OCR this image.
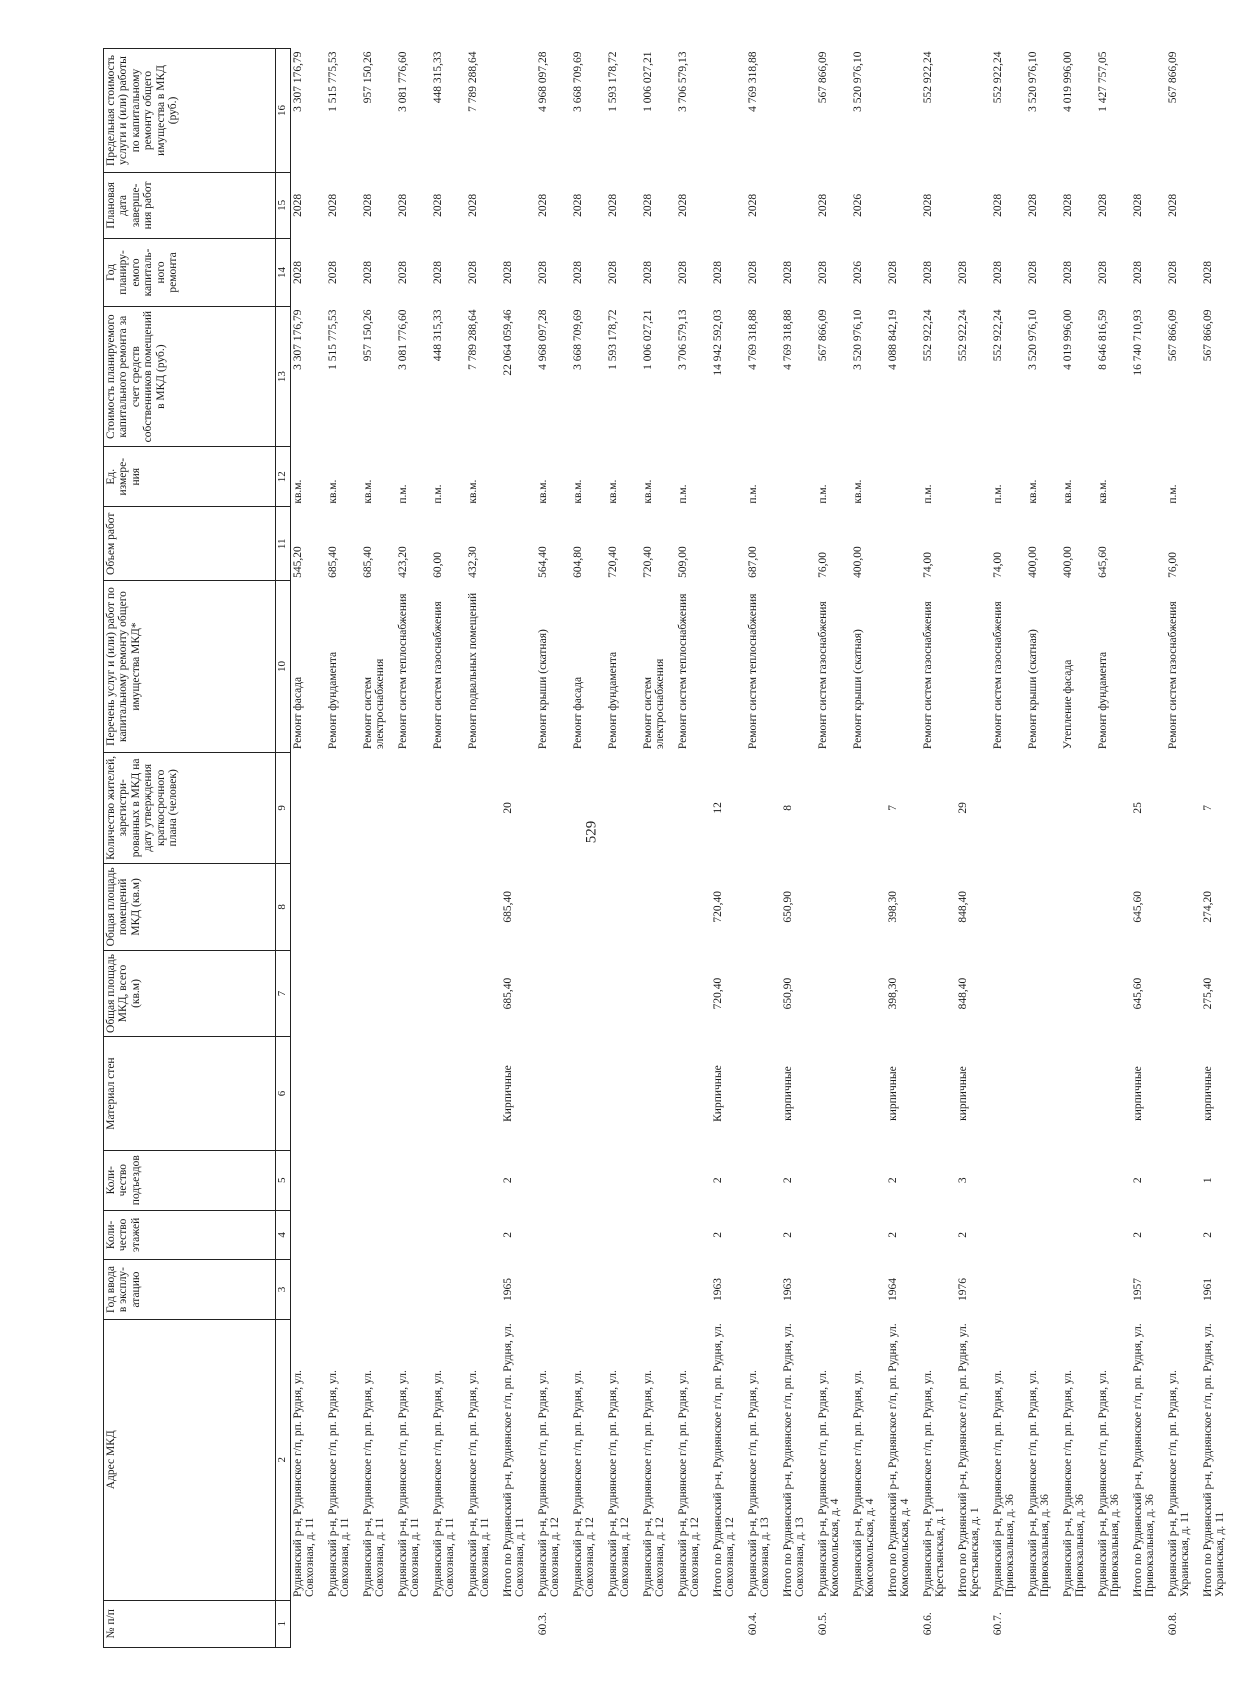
529
№ п/п	Адрес МКД	Год ввода в эксплу-атацию	Коли-чество этажей	Коли-чество подъездов	Материал стен	Общая площадь МКД, всего (кв.м)	Общая площадь помещений МКД (кв.м)	Количество жителей, зарегистри-рованных в МКД на дату утверждения краткосрочного плана (человек)	Перечень услуг и (или) работ по капитальному ремонту общего имущества МКД*	Объем работ	Ед. измере-ния	Стоимость планируемого капитального ремонта за счет средств собственников помещений в МКД (руб.)	Год планиру-емого капиталь-ного ремонта	Плановая дата заверше-ния работ	Предельная стоимость услуги и (или) работы по капитальному ремонту общего имущества в МКД (руб.)
1	2	3	4	5	6	7	8	9	10	11	12	13	14	15	16
	Руднянский р-н, Руднянское г/п, рп. Рудня, ул. Совхозная, д. 11								Ремонт фасада	545,20	кв.м.	3 307 176,79	2028	2028	3 307 176,79
	Руднянский р-н, Руднянское г/п, рп. Рудня, ул. Совхозная, д. 11								Ремонт фундамента	685,40	кв.м.	1 515 775,53	2028	2028	1 515 775,53
	Руднянский р-н, Руднянское г/п, рп. Рудня, ул. Совхозная, д. 11								Ремонт систем электроснабжения	685,40	кв.м.	957 150,26	2028	2028	957 150,26
	Руднянский р-н, Руднянское г/п, рп. Рудня, ул. Совхозная, д. 11								Ремонт систем теплоснабжения	423,20	п.м.	3 081 776,60	2028	2028	3 081 776,60
	Руднянский р-н, Руднянское г/п, рп. Рудня, ул. Совхозная, д. 11								Ремонт систем газоснабжения	60,00	п.м.	448 315,33	2028	2028	448 315,33
	Руднянский р-н, Руднянское г/п, рп. Рудня, ул. Совхозная, д. 11								Ремонт подвальных помещений	432,30	кв.м.	7 789 288,64	2028	2028	7 789 288,64
	Итого по Руднянский р-н, Руднянское г/п, рп. Рудня, ул. Совхозная, д. 11	1965	2	2	Кирпичные	685,40	685,40	20				22 064 059,46	2028		
60.3.	Руднянский р-н, Руднянское г/п, рп. Рудня, ул. Совхозная, д. 12								Ремонт крыши (скатная)	564,40	кв.м.	4 968 097,28	2028	2028	4 968 097,28
	Руднянский р-н, Руднянское г/п, рп. Рудня, ул. Совхозная, д. 12								Ремонт фасада	604,80	кв.м.	3 668 709,69	2028	2028	3 668 709,69
	Руднянский р-н, Руднянское г/п, рп. Рудня, ул. Совхозная, д. 12								Ремонт фундамента	720,40	кв.м.	1 593 178,72	2028	2028	1 593 178,72
	Руднянский р-н, Руднянское г/п, рп. Рудня, ул. Совхозная, д. 12								Ремонт систем электроснабжения	720,40	кв.м.	1 006 027,21	2028	2028	1 006 027,21
	Руднянский р-н, Руднянское г/п, рп. Рудня, ул. Совхозная, д. 12								Ремонт систем теплоснабжения	509,00	п.м.	3 706 579,13	2028	2028	3 706 579,13
	Итого по Руднянский р-н, Руднянское г/п, рп. Рудня, ул. Совхозная, д. 12	1963	2	2	Кирпичные	720,40	720,40	12				14 942 592,03	2028		
60.4.	Руднянский р-н, Руднянское г/п, рп. Рудня, ул. Совхозная, д. 13								Ремонт систем теплоснабжения	687,00	п.м.	4 769 318,88	2028	2028	4 769 318,88
	Итого по Руднянский р-н, Руднянское г/п, рп. Рудня, ул. Совхозная, д. 13	1963	2	2	кирпичные	650,90	650,90	8				4 769 318,88	2028		
60.5.	Руднянский р-н, Руднянское г/п, рп. Рудня, ул. Комсомольская, д. 4								Ремонт систем газоснабжения	76,00	п.м.	567 866,09	2028	2028	567 866,09
	Руднянский р-н, Руднянское г/п, рп. Рудня, ул. Комсомольская, д. 4								Ремонт крыши (скатная)	400,00	кв.м.	3 520 976,10	2026	2026	3 520 976,10
	Итого по Руднянский р-н, Руднянское г/п, рп. Рудня, ул. Комсомольская, д. 4	1964	2	2	кирпичные	398,30	398,30	7				4 088 842,19	2028		
60.6.	Руднянский р-н, Руднянское г/п, рп. Рудня, ул. Крестьянская, д. 1								Ремонт систем газоснабжения	74,00	п.м.	552 922,24	2028	2028	552 922,24
	Итого по Руднянский р-н, Руднянское г/п, рп. Рудня, ул. Крестьянская, д. 1	1976	2	3	кирпичные	848,40	848,40	29				552 922,24	2028		
60.7.	Руднянский р-н, Руднянское г/п, рп. Рудня, ул. Привокзальная, д. 36								Ремонт систем газоснабжения	74,00	п.м.	552 922,24	2028	2028	552 922,24
	Руднянский р-н, Руднянское г/п, рп. Рудня, ул. Привокзальная, д. 36								Ремонт крыши (скатная)	400,00	кв.м.	3 520 976,10	2028	2028	3 520 976,10
	Руднянский р-н, Руднянское г/п, рп. Рудня, ул. Привокзальная, д. 36								Утепление фасада	400,00	кв.м.	4 019 996,00	2028	2028	4 019 996,00
	Руднянский р-н, Руднянское г/п, рп. Рудня, ул. Привокзальная, д. 36								Ремонт фундамента	645,60	кв.м.	8 646 816,59	2028	2028	1 427 757,05
	Итого по Руднянский р-н, Руднянское г/п, рп. Рудня, ул. Привокзальная, д. 36	1957	2	2	кирпичные	645,60	645,60	25				16 740 710,93	2028	2028	
60.8.	Руднянский р-н, Руднянское г/п, рп. Рудня, ул. Украинская, д. 11								Ремонт систем газоснабжения	76,00	п.м.	567 866,09	2028	2028	567 866,09
	Итого по Руднянский р-н, Руднянское г/п, рп. Рудня, ул. Украинская, д. 11	1961	2	1	кирпичные	275,40	274,20	7				567 866,09	2028		
